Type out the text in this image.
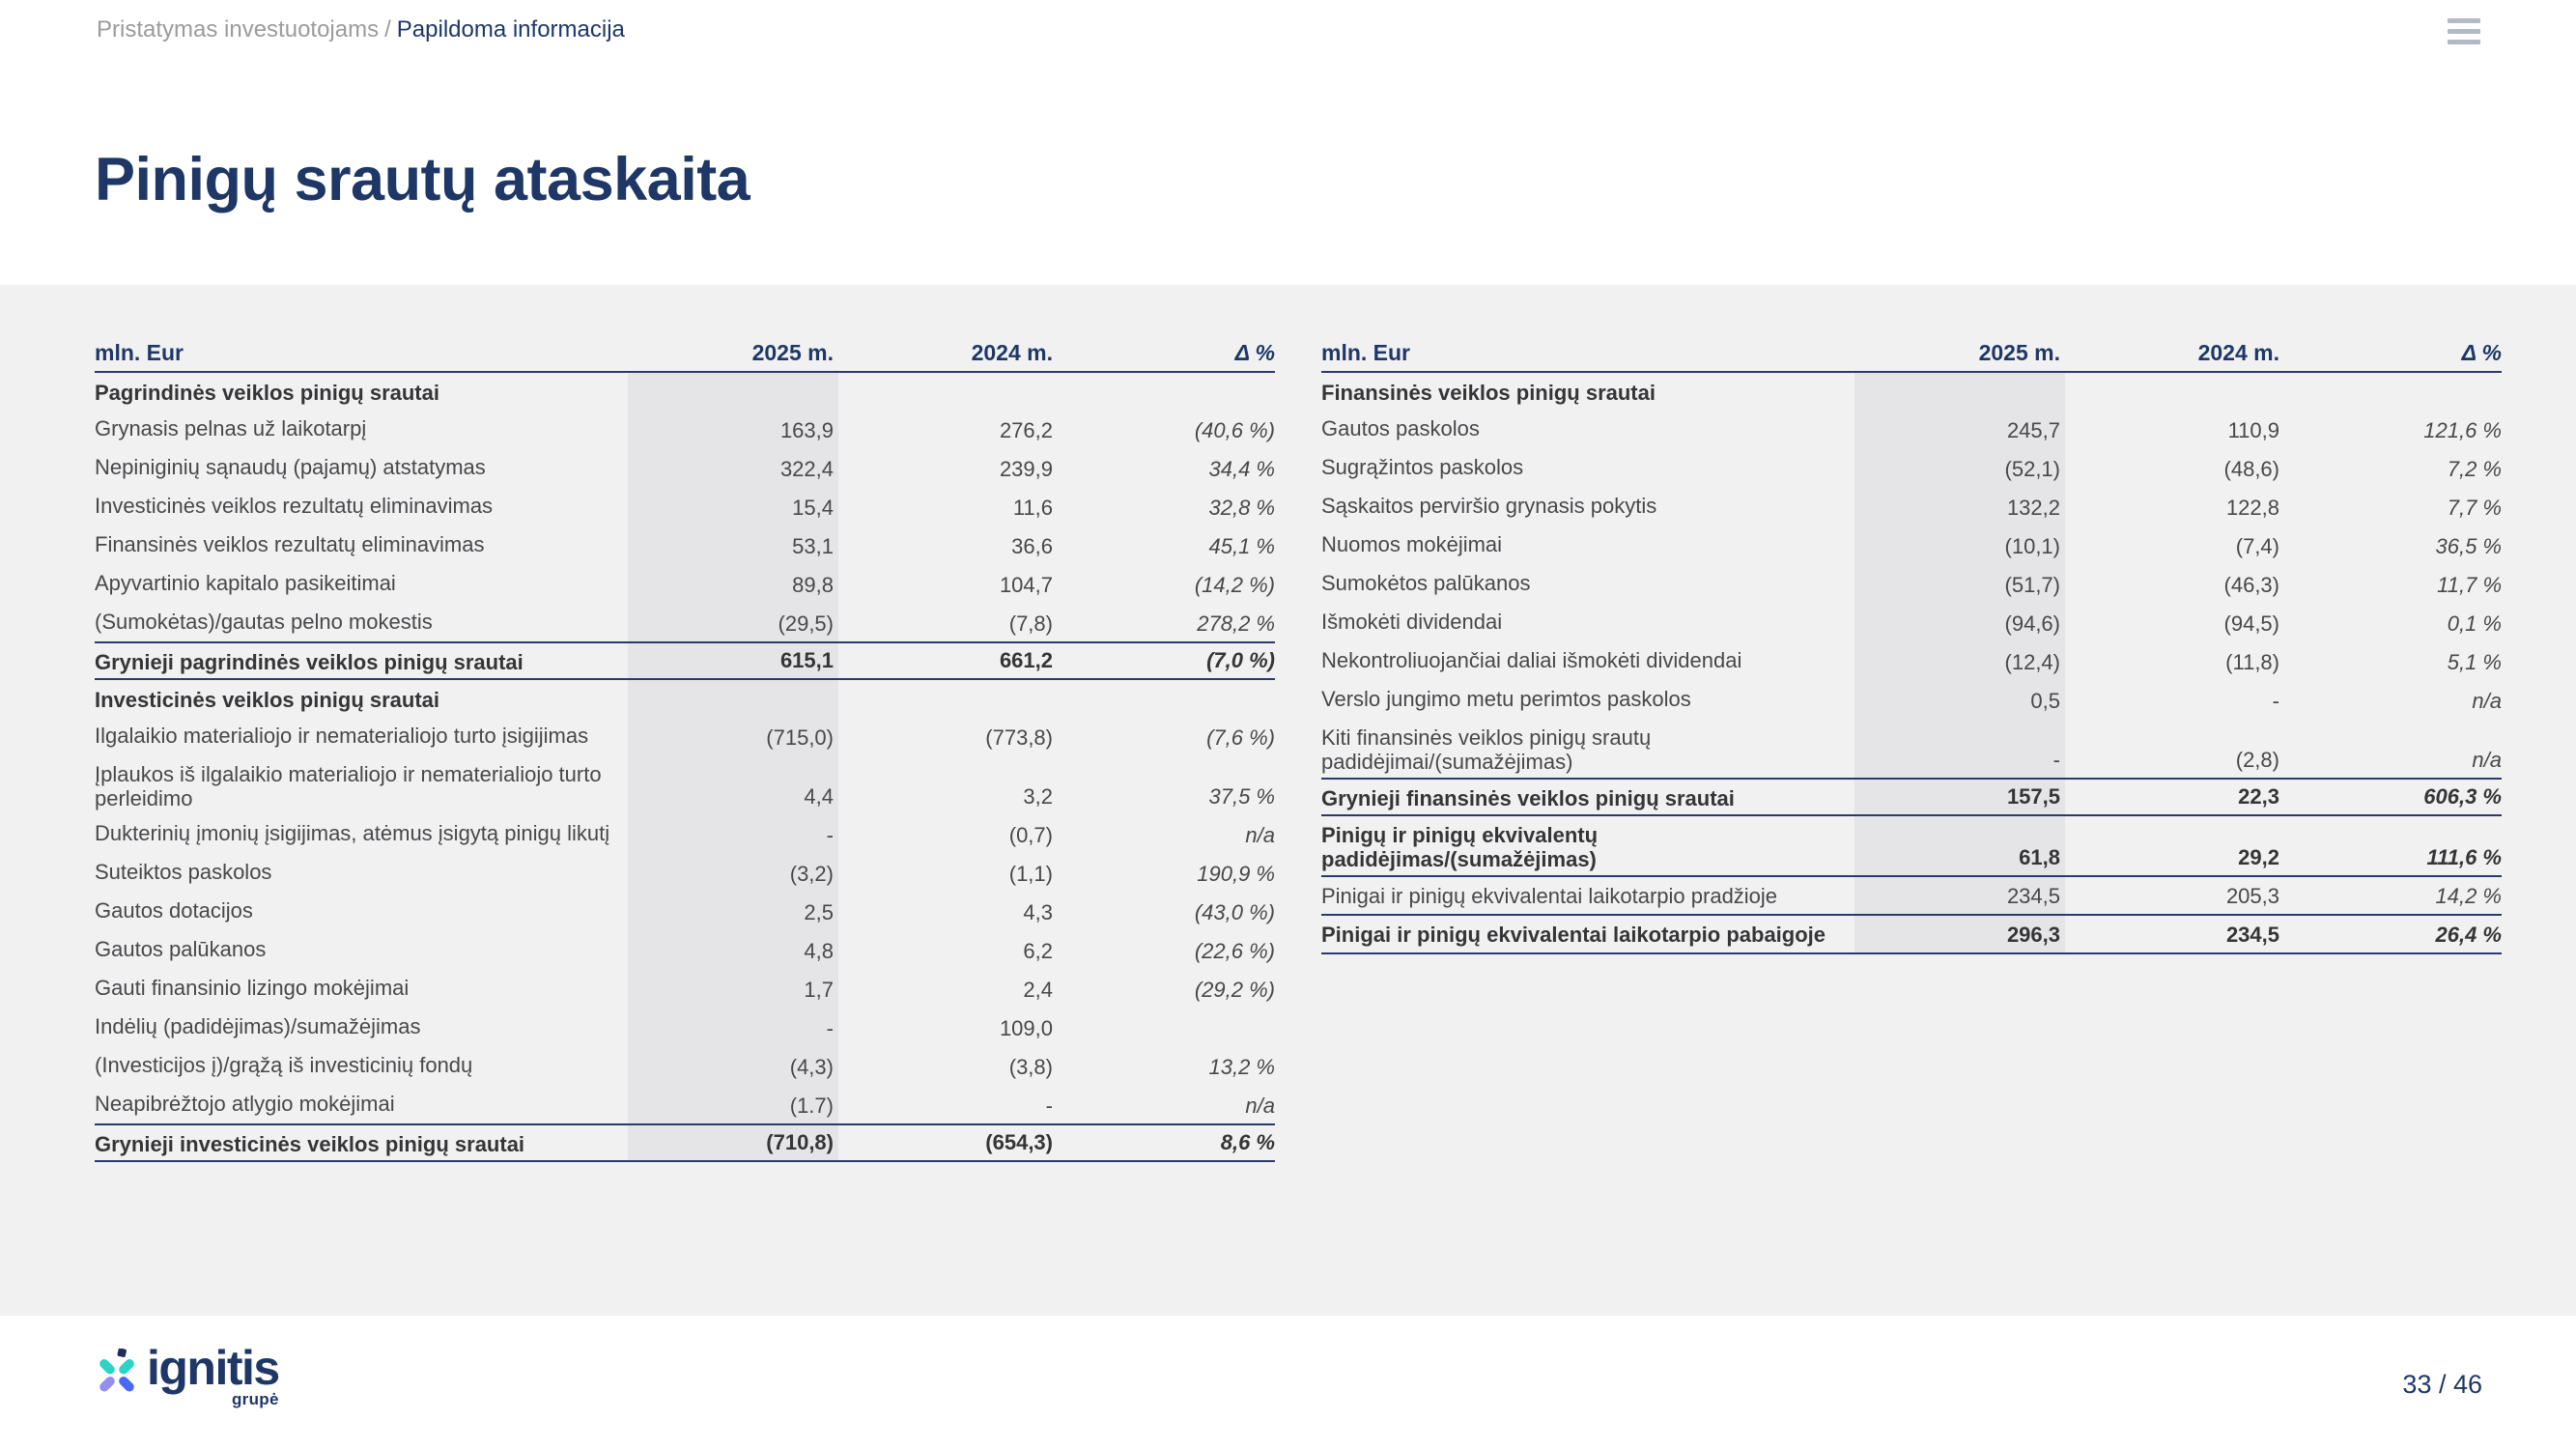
Pristatymas investuotojams / Papildoma informacija
Pinigų srautų ataskaita
mln. Eur	2025 m.	2024 m.	Δ %
Pagrindinės veiklos pinigų srautai
Grynasis pelnas už laikotarpį	163,9	276,2	(40,6 %)
Nepiniginių sąnaudų (pajamų) atstatymas	322,4	239,9	34,4 %
Investicinės veiklos rezultatų eliminavimas	15,4	11,6	32,8 %
Finansinės veiklos rezultatų eliminavimas	53,1	36,6	45,1 %
Apyvartinio kapitalo pasikeitimai	89,8	104,7	(14,2 %)
(Sumokėtas)/gautas pelno mokestis	(29,5)	(7,8)	278,2 %
Grynieji pagrindinės veiklos pinigų srautai	615,1	661,2	(7,0 %)
Investicinės veiklos pinigų srautai
Ilgalaikio materialiojo ir nematerialiojo turto įsigijimas	(715,0)	(773,8)	(7,6 %)
Įplaukos iš ilgalaikio materialiojo ir nematerialiojo turto perleidimo	4,4	3,2	37,5 %
Dukterinių įmonių įsigijimas, atėmus įsigytą pinigų likutį	-	(0,7)	n/a
Suteiktos paskolos	(3,2)	(1,1)	190,9 %
Gautos dotacijos	2,5	4,3	(43,0 %)
Gautos palūkanos	4,8	6,2	(22,6 %)
Gauti finansinio lizingo mokėjimai	1,7	2,4	(29,2 %)
Indėlių (padidėjimas)/sumažėjimas	-	109,0
(Investicijos į)/grąžą iš investicinių fondų	(4,3)	(3,8)	13,2 %
Neapibrėžtojo atlygio mokėjimai	(1.7)	-	n/a
Grynieji investicinės veiklos pinigų srautai	(710,8)	(654,3)	8,6 %
mln. Eur	2025 m.	2024 m.	Δ %
Finansinės veiklos pinigų srautai
Gautos paskolos	245,7	110,9	121,6 %
Sugrąžintos paskolos	(52,1)	(48,6)	7,2 %
Sąskaitos perviršio grynasis pokytis	132,2	122,8	7,7 %
Nuomos mokėjimai	(10,1)	(7,4)	36,5 %
Sumokėtos palūkanos	(51,7)	(46,3)	11,7 %
Išmokėti dividendai	(94,6)	(94,5)	0,1 %
Nekontroliuojančiai daliai išmokėti dividendai	(12,4)	(11,8)	5,1 %
Verslo jungimo metu perimtos paskolos	0,5	-	n/a
Kiti finansinės veiklos pinigų srautų padidėjimai/(sumažėjimas)	-	(2,8)	n/a
Grynieji finansinės veiklos pinigų srautai	157,5	22,3	606,3 %
Pinigų ir pinigų ekvivalentų padidėjimas/(sumažėjimas)	61,8	29,2	111,6 %
Pinigai ir pinigų ekvivalentai laikotarpio pradžioje	234,5	205,3	14,2 %
Pinigai ir pinigų ekvivalentai laikotarpio pabaigoje	296,3	234,5	26,4 %
ignitis
grupė
33 / 46
